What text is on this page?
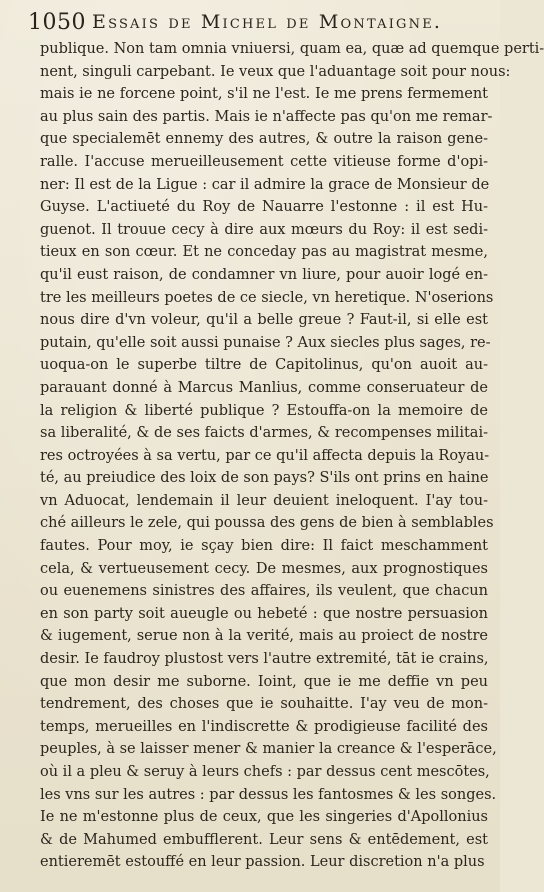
1050 Essais de Michel de Montaigne.
publique. Non tam omnia vniuersi, quam ea, quæ ad quemque perti-
nent, singuli carpebant. Ie veux que l'aduantage soit pour nous:
mais ie ne forcene point, s'il ne l'est. Ie me prens fermement
au plus sain des partis. Mais ie n'affecte pas qu'on me remar-
que specialemēt ennemy des autres, & outre la raison gene-
ralle. I'accuse merueilleusement cette vitieuse forme d'opi-
ner: Il est de la Ligue : car il admire la grace de Monsieur de
Guyse. L'actiueté du Roy de Nauarre l'estonne : il est Hu-
guenot. Il trouue cecy à dire aux mœurs du Roy: il est sedi-
tieux en son cœur. Et ne conceday pas au magistrat mesme,
qu'il eust raison, de condamner vn liure, pour auoir logé en-
tre les meilleurs poetes de ce siecle, vn heretique. N'oserions
nous dire d'vn voleur, qu'il a belle greue ? Faut-il, si elle est
putain, qu'elle soit aussi punaise ? Aux siecles plus sages, re-
uoqua-on le superbe tiltre de Capitolinus, qu'on auoit au-
parauant donné à Marcus Manlius, comme conseruateur de
la religion & liberté publique ? Estouffa-on la memoire de
sa liberalité, & de ses faicts d'armes, & recompenses militai-
res octroyées à sa vertu, par ce qu'il affecta depuis la Royau-
té, au preiudice des loix de son pays? S'ils ont prins en haine
vn Aduocat, lendemain il leur deuient ineloquent. I'ay tou-
ché ailleurs le zele, qui poussa des gens de bien à semblables
fautes. Pour moy, ie sçay bien dire: Il faict meschamment
cela, & vertueusement cecy. De mesmes, aux prognostiques
ou euenemens sinistres des affaires, ils veulent, que chacun
en son party soit aueugle ou hebeté : que nostre persuasion
& iugement, serue non à la verité, mais au proiect de nostre
desir. Ie faudroy plustost vers l'autre extremité, tāt ie crains,
que mon desir me suborne. Ioint, que ie me deffie vn peu
tendrement, des choses que ie souhaitte. I'ay veu de mon-
temps, merueilles en l'indiscrette & prodigieuse facilité des
peuples, à se laisser mener & manier la creance & l'esperāce,
où il a pleu & seruy à leurs chefs : par dessus cent mescōtes,
les vns sur les autres : par dessus les fantosmes & les songes.
Ie ne m'estonne plus de ceux, que les singeries d'Apollonius
& de Mahumed embufflerent. Leur sens & entēdement, est
entieremēt estouffé en leur passion. Leur discretion n'a plus
